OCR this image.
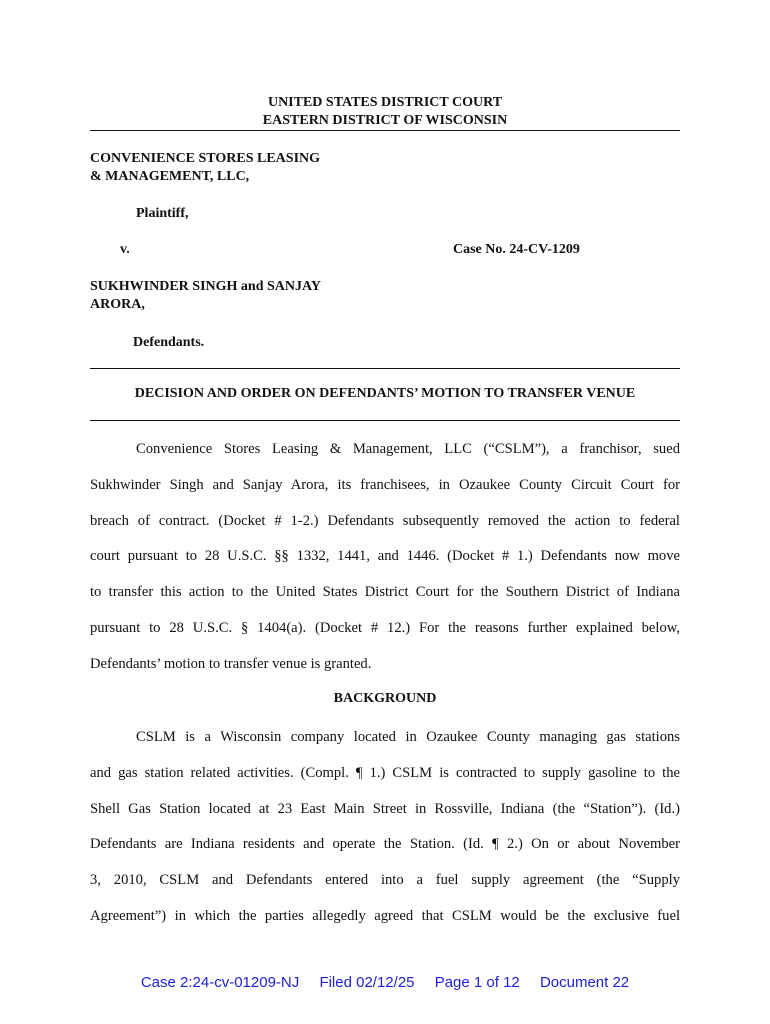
UNITED STATES DISTRICT COURT
EASTERN DISTRICT OF WISCONSIN
CONVENIENCE STORES LEASING
& MANAGEMENT, LLC,
Plaintiff,
v.	Case No. 24-CV-1209
SUKHWINDER SINGH and SANJAY
ARORA,
Defendants.
DECISION AND ORDER ON DEFENDANTS’ MOTION TO TRANSFER VENUE
Convenience Stores Leasing & Management, LLC (“CSLM”), a franchisor, sued
Sukhwinder Singh and Sanjay Arora, its franchisees, in Ozaukee County Circuit Court for
breach of contract. (Docket # 1-2.) Defendants subsequently removed the action to federal
court pursuant to 28 U.S.C. §§ 1332, 1441, and 1446. (Docket # 1.) Defendants now move
to transfer this action to the United States District Court for the Southern District of Indiana
pursuant to 28 U.S.C. § 1404(a). (Docket # 12.) For the reasons further explained below,
Defendants’ motion to transfer venue is granted.
BACKGROUND
CSLM is a Wisconsin company located in Ozaukee County managing gas stations
and gas station related activities. (Compl. ¶ 1.) CSLM is contracted to supply gasoline to the
Shell Gas Station located at 23 East Main Street in Rossville, Indiana (the “Station”). (Id.)
Defendants are Indiana residents and operate the Station. (Id. ¶ 2.) On or about November
3, 2010, CSLM and Defendants entered into a fuel supply agreement (the “Supply
Agreement”) in which the parties allegedly agreed that CSLM would be the exclusive fuel
Case 2:24-cv-01209-NJ Filed 02/12/25 Page 1 of 12 Document 22
